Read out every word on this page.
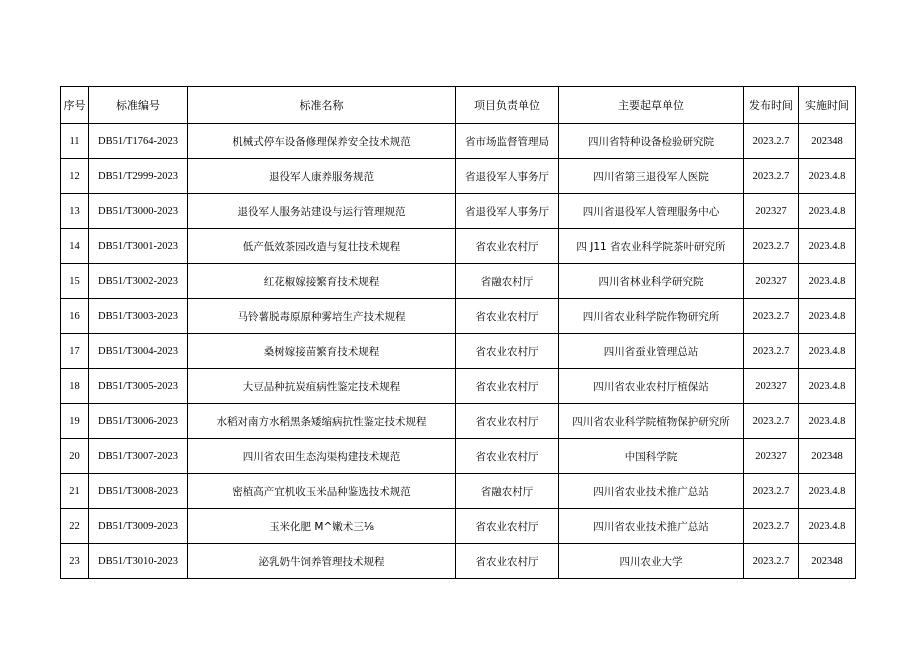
序号	标准编号	标准名称	项目负责单位	主要起草单位	发布时间	实施时间
11	DB51/T1764-2023	机械式停车设备修理保养安全技术规范	省市场监督管理局	四川省特种设备检验研究院	2023.2.7	202348
12	DB51/T2999-2023	退役军人康养服务规范	省退役军人事务厅	四川省第三退役军人医院	2023.2.7	2023.4.8
13	DB51/T3000-2023	退役军人服务站建设与运行管理规范	省退役军人事务厅	四川省退役军人管理服务中心	202327	2023.4.8
14	DB51/T3001-2023	低产低效茶园改造与复壮技术规程	省农业农村厅	四 J11 省农业科学院茶叶研究所	2023.2.7	2023.4.8
15	DB51/T3002-2023	红花椒嫁接繁育技术规程	省融农村厅	四川省林业科学研究院	202327	2023.4.8
16	DB51/T3003-2023	马铃薯脱毒原原种雾培生产技术规程	省农业农村厅	四川省农业科学院作物研究所	2023.2.7	2023.4.8
17	DB51/T3004-2023	桑树嫁接苗繁育技术规程	省农业农村厅	四川省蚕业管理总站	2023.2.7	2023.4.8
18	DB51/T3005-2023	大豆品种抗炭疽病性鉴定技术规程	省农业农村厅	四川省农业农村厅植保站	202327	2023.4.8
19	DB51/T3006-2023	水稻对南方水稻黑条矮缩病抗性鉴定技术规程	省农业农村厅	四川省农业科学院植物保护研究所	2023.2.7	2023.4.8
20	DB51/T3007-2023	四川省农田生态沟渠构建技术规范	省农业农村厅	中国科学院	202327	202348
21	DB51/T3008-2023	密植高产宜机收玉米品种鉴选技术规范	省融农村厅	四川省农业技术推广总站	2023.2.7	2023.4.8
22	DB51/T3009-2023	玉米化肥 M^嫩术三⅛	省农业农村厅	四川省农业技术推广总站	2023.2.7	2023.4.8
23	DB51/T3010-2023	泌乳奶牛饲养管理技术规程	省农业农村厅	四川农业大学	2023.2.7	202348
